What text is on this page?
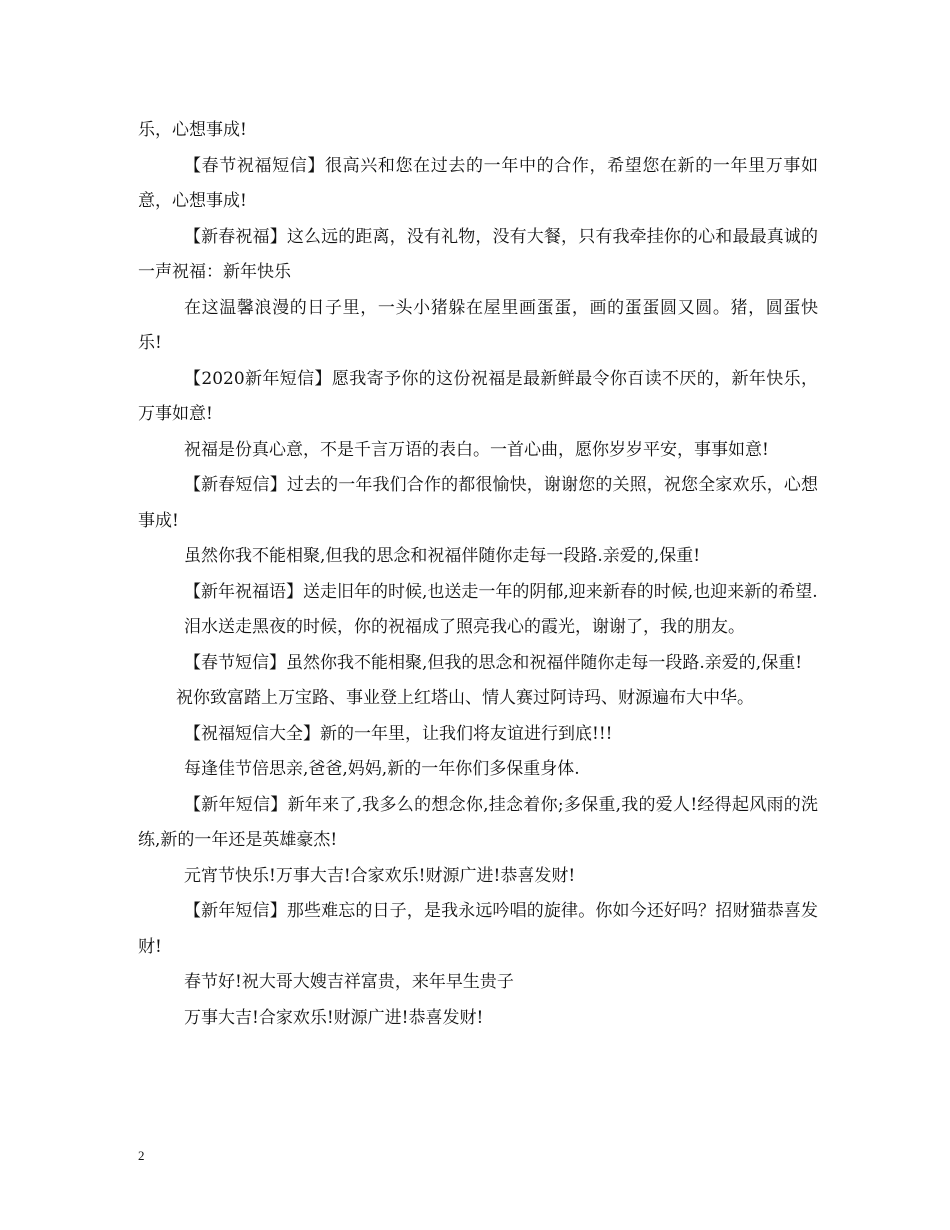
乐，心想事成!

【春节祝福短信】很高兴和您在过去的一年中的合作，希望您在新的一年里万事如意，心想事成!

【新春祝福】这么远的距离，没有礼物，没有大餐，只有我牵挂你的心和最最真诚的一声祝福：新年快乐

在这温馨浪漫的日子里，一头小猪躲在屋里画蛋蛋，画的蛋蛋圆又圆。猪，圆蛋快乐!

【2020新年短信】愿我寄予你的这份祝福是最新鲜最令你百读不厌的，新年快乐，万事如意!

祝福是份真心意，不是千言万语的表白。一首心曲，愿你岁岁平安，事事如意!

【新春短信】过去的一年我们合作的都很愉快，谢谢您的关照，祝您全家欢乐，心想事成!

虽然你我不能相聚,但我的思念和祝福伴随你走每一段路.亲爱的,保重!

【新年祝福语】送走旧年的时候,也送走一年的阴郁,迎来新春的时候,也迎来新的希望.

泪水送走黑夜的时候，你的祝福成了照亮我心的霞光，谢谢了，我的朋友。

【春节短信】虽然你我不能相聚,但我的思念和祝福伴随你走每一段路.亲爱的,保重!

祝你致富踏上万宝路、事业登上红塔山、情人赛过阿诗玛、财源遍布大中华。

【祝福短信大全】新的一年里，让我们将友谊进行到底!!!

每逢佳节倍思亲,爸爸,妈妈,新的一年你们多保重身体.

【新年短信】新年来了,我多么的想念你,挂念着你;多保重,我的爱人!经得起风雨的洗练,新的一年还是英雄豪杰!

元宵节快乐!万事大吉!合家欢乐!财源广进!恭喜发财!

【新年短信】那些难忘的日子，是我永远吟唱的旋律。你如今还好吗？招财猫恭喜发财!

春节好!祝大哥大嫂吉祥富贵，来年早生贵子

万事大吉!合家欢乐!财源广进!恭喜发财!

2
